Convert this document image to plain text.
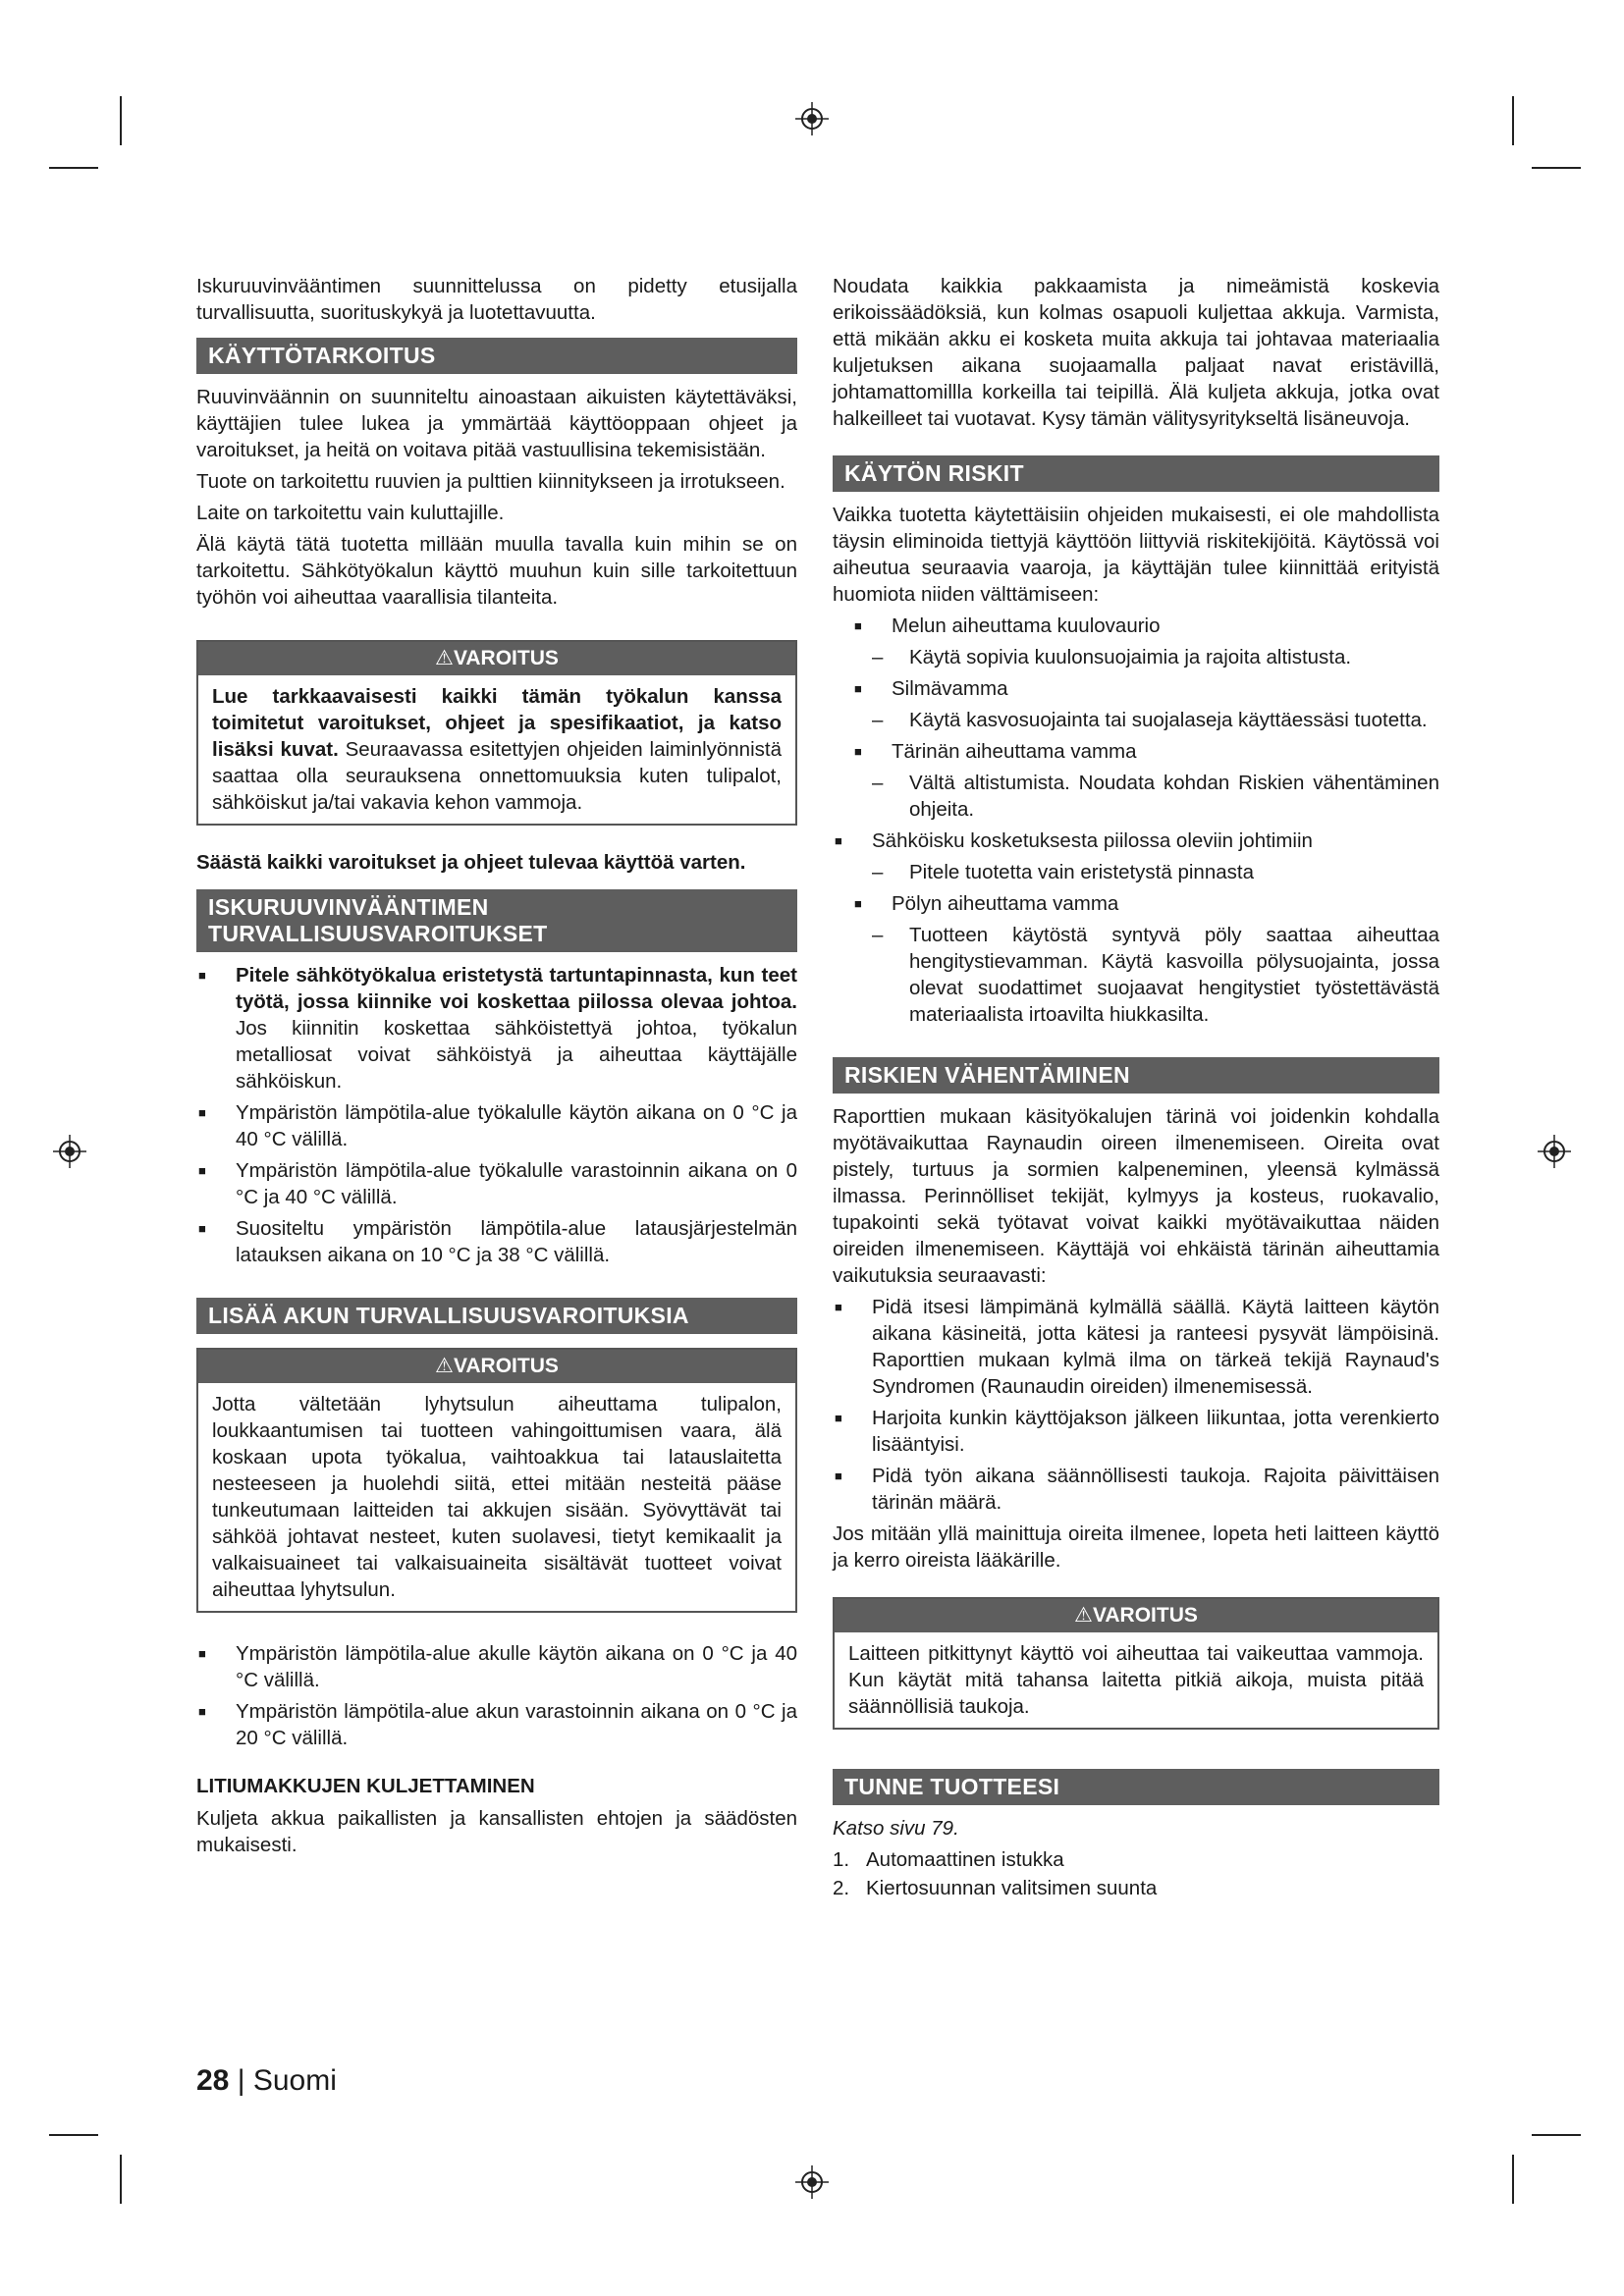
Iskuruuvinvääntimen suunnittelussa on pidetty etusijalla turvallisuutta, suorituskykyä ja luotettavuutta.

KÄYTTÖTARKOITUS

Ruuvinväännin on suunniteltu ainoastaan aikuisten käytettäväksi, käyttäjien tulee lukea ja ymmärtää käyttöoppaan ohjeet ja varoitukset, ja heitä on voitava pitää vastuullisina tekemisistään.

Tuote on tarkoitettu ruuvien ja pulttien kiinnitykseen ja irrotukseen.

Laite on tarkoitettu vain kuluttajille.

Älä käytä tätä tuotetta millään muulla tavalla kuin mihin se on tarkoitettu. Sähkötyökalun käyttö muuhun kuin sille tarkoitettuun työhön voi aiheuttaa vaarallisia tilanteita.

⚠VAROITUS

Lue tarkkaavaisesti kaikki tämän työkalun kanssa toimitetut varoitukset, ohjeet ja spesifikaatiot, ja katso lisäksi kuvat. Seuraavassa esitettyjen ohjeiden laiminlyönnistä saattaa olla seurauksena onnettomuuksia kuten tulipalot, sähköiskut ja/tai vakavia kehon vammoja.

Säästä kaikki varoitukset ja ohjeet tulevaa käyttöä varten.

ISKURUUVINVÄÄNTIMEN
TURVALLISUUSVAROITUKSET
■	Pitele sähkötyökalua eristetystä tartuntapinnasta, kun teet työtä, jossa kiinnike voi koskettaa piilossa olevaa johtoa. Jos kiinnitin koskettaa sähköistettyä johtoa, työkalun metalliosat voivat sähköistyä ja aiheuttaa käyttäjälle sähköiskun.
■	Ympäristön lämpötila-alue työkalulle käytön aikana on 0 °C ja 40 °C välillä.
■	Ympäristön lämpötila-alue työkalulle varastoinnin aikana on 0 °C ja 40 °C välillä.
■	Suositeltu ympäristön lämpötila-alue latausjärjestelmän latauksen aikana on 10 °C ja 38 °C välillä.
LISÄÄ AKUN TURVALLISUUSVAROITUKSIA
⚠VAROITUS

Jotta vältetään lyhytsulun aiheuttama tulipalon, loukkaantumisen tai tuotteen vahingoittumisen vaara, älä koskaan upota työkalua, vaihtoakkua tai latauslaitetta nesteeseen ja huolehdi siitä, ettei mitään nesteitä pääse tunkeutumaan laitteiden tai akkujen sisään. Syövyttävät tai sähköä johtavat nesteet, kuten suolavesi, tietyt kemikaalit ja valkaisuaineet tai valkaisuaineita sisältävät tuotteet voivat aiheuttaa lyhytsulun.

■	Ympäristön lämpötila-alue akulle käytön aikana on 0 °C ja 40 °C välillä.
■	Ympäristön lämpötila-alue akun varastoinnin aikana on 0 °C ja 20 °C välillä.
LITIUMAKKUJEN KULJETTAMINEN

Kuljeta akkua paikallisten ja kansallisten ehtojen ja säädösten mukaisesti.

Noudata kaikkia pakkaamista ja nimeämistä koskevia erikoissäädöksiä, kun kolmas osapuoli kuljettaa akkuja. Varmista, että mikään akku ei kosketa muita akkuja tai johtavaa materiaalia kuljetuksen aikana suojaamalla paljaat navat eristävillä, johtamattomillla korkeilla tai teipillä. Älä kuljeta akkuja, jotka ovat halkeilleet tai vuotavat. Kysy tämän välitysyritykseltä lisäneuvoja.

KÄYTÖN RISKIT

Vaikka tuotetta käytettäisiin ohjeiden mukaisesti, ei ole mahdollista täysin eliminoida tiettyjä käyttöön liittyviä riskitekijöitä. Käytössä voi aiheutua seuraavia vaaroja, ja käyttäjän tulee kiinnittää erityistä huomiota niiden välttämiseen:

■	Melun aiheuttama kuulovaurio
–	Käytä sopivia kuulonsuojaimia ja rajoita altistusta.
■	Silmävamma
–	Käytä kasvosuojainta tai suojalaseja käyttäessäsi tuotetta.
■	Tärinän aiheuttama vamma
–	Vältä altistumista. Noudata kohdan Riskien vähentäminen ohjeita.
■	Sähköisku kosketuksesta piilossa oleviin johtimiin
–	Pitele tuotetta vain eristetystä pinnasta
■	Pölyn aiheuttama vamma
–	Tuotteen käytöstä syntyvä pöly saattaa aiheuttaa hengitystievamman. Käytä kasvoilla pölysuojainta, jossa olevat suodattimet suojaavat hengitystiet työstettävästä materiaalista irtoavilta hiukkasilta.
RISKIEN VÄHENTÄMINEN

Raporttien mukaan käsityökalujen tärinä voi joidenkin kohdalla myötävaikuttaa Raynaudin oireen ilmenemiseen. Oireita ovat pistely, turtuus ja sormien kalpeneminen, yleensä kylmässä ilmassa. Perinnölliset tekijät, kylmyys ja kosteus, ruokavalio, tupakointi sekä työtavat voivat kaikki myötävaikuttaa näiden oireiden ilmenemiseen. Käyttäjä voi ehkäistä tärinän aiheuttamia vaikutuksia seuraavasti:

■	Pidä itsesi lämpimänä kylmällä säällä. Käytä laitteen käytön aikana käsineitä, jotta kätesi ja ranteesi pysyvät lämpöisinä. Raporttien mukaan kylmä ilma on tärkeä tekijä Raynaud's Syndromen (Raunaudin oireiden) ilmenemisessä.
■	Harjoita kunkin käyttöjakson jälkeen liikuntaa, jotta verenkierto lisääntyisi.
■	Pidä työn aikana säännöllisesti taukoja. Rajoita päivittäisen tärinän määrä.

Jos mitään yllä mainittuja oireita ilmenee, lopeta heti laitteen käyttö ja kerro oireista lääkärille.

⚠VAROITUS

Laitteen pitkittynyt käyttö voi aiheuttaa tai vaikeuttaa vammoja. Kun käytät mitä tahansa laitetta pitkiä aikoja, muista pitää säännöllisiä taukoja.

TUNNE TUOTTEESI

Katso sivu 79.

1. Automaattinen istukka
2. Kiertosuunnan valitsimen suunta
28 | Suomi
